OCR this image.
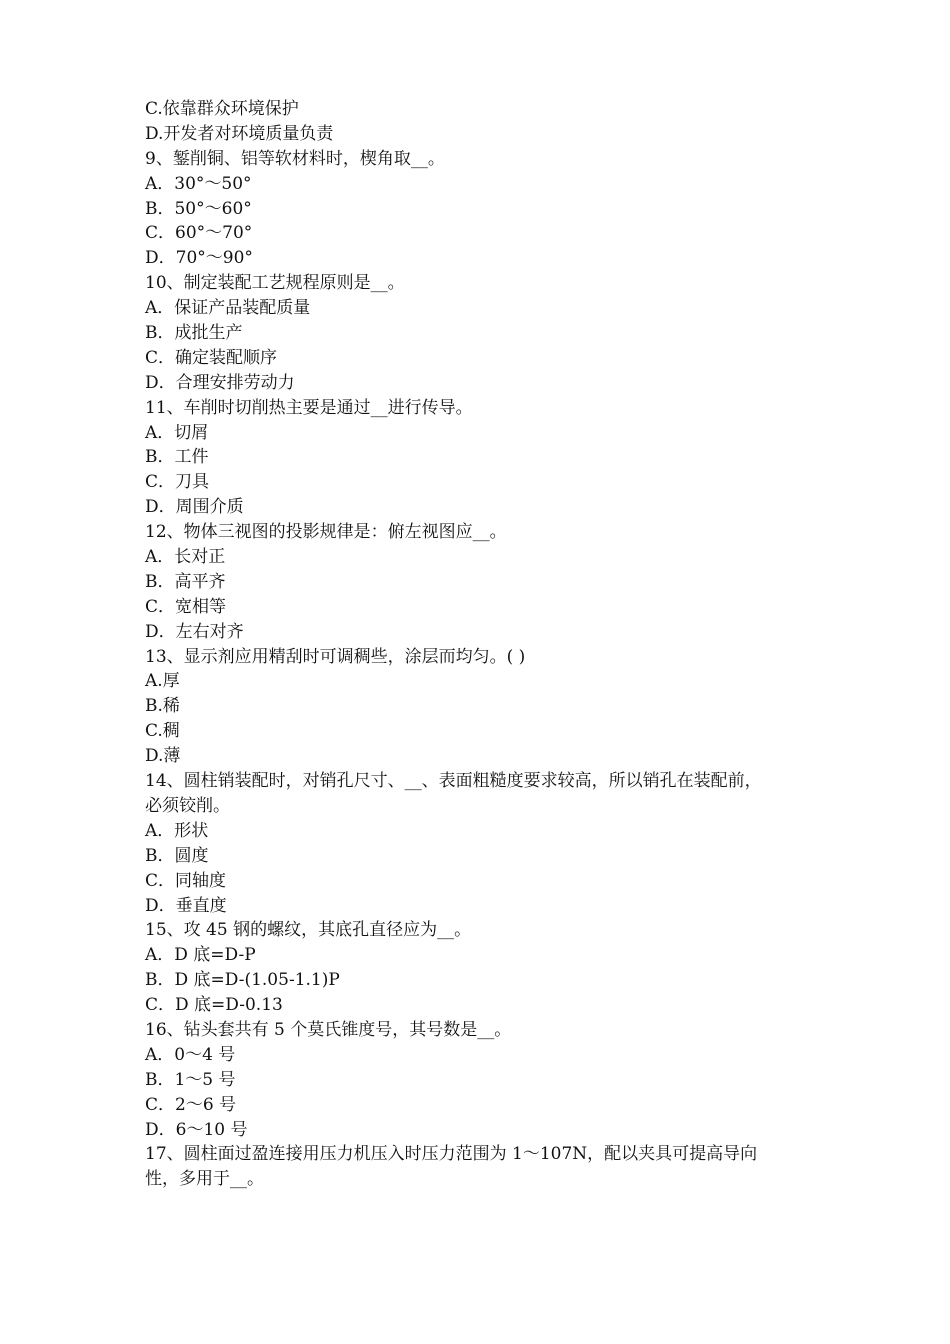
C.依靠群众环境保护
D.开发者对环境质量负责
9、錾削铜、铝等软材料时，楔角取__。
A．30°～50°
B．50°～60°
C．60°～70°
D．70°～90°
10、制定装配工艺规程原则是__。
A．保证产品装配质量
B．成批生产
C．确定装配顺序
D．合理安排劳动力
11、车削时切削热主要是通过__进行传导。
A．切屑
B．工件
C．刀具
D．周围介质
12、物体三视图的投影规律是：俯左视图应__。
A．长对正
B．高平齐
C．宽相等
D．左右对齐
13、显示剂应用精刮时可调稠些，涂层而均匀。( )
A.厚
B.稀
C.稠
D.薄
14、圆柱销装配时，对销孔尺寸、__、表面粗糙度要求较高，所以销孔在装配前，
必须铰削。
A．形状
B．圆度
C．同轴度
D．垂直度
15、攻 45 钢的螺纹，其底孔直径应为__。
A．D 底=D-P
B．D 底=D-(1.05-1.1)P
C．D 底=D-0.13
16、钻头套共有 5 个莫氏锥度号，其号数是__。
A．0～4 号
B．1～5 号
C．2～6 号
D．6～10 号
17、圆柱面过盈连接用压力机压入时压力范围为 1～107N，配以夹具可提高导向
性，多用于__。
